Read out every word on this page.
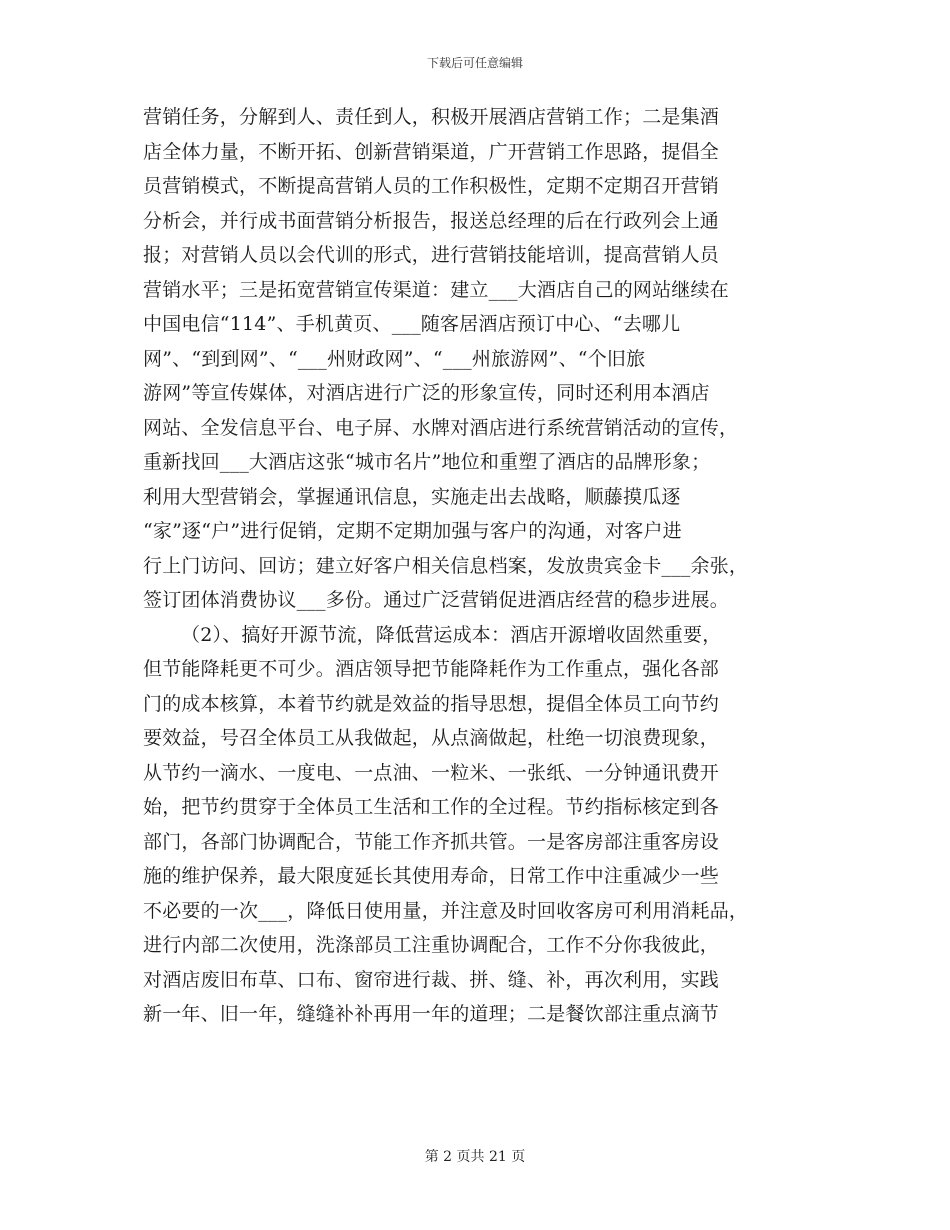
下载后可任意编辑
营销任务，分解到人、责任到人，积极开展酒店营销工作；二是集酒
店全体力量，不断开拓、创新营销渠道，广开营销工作思路，提倡全
员营销模式，不断提高营销人员的工作积极性，定期不定期召开营销
分析会，并行成书面营销分析报告，报送总经理的后在行政列会上通
报；对营销人员以会代训的形式，进行营销技能培训，提高营销人员
营销水平；三是拓宽营销宣传渠道：建立___大酒店自己的网站继续在
中国电信“114”、手机黄页、___随客居酒店预订中心、“去哪儿
网”、“到到网”、“___州财政网”、“___州旅游网”、“个旧旅
游网”等宣传媒体，对酒店进行广泛的形象宣传，同时还利用本酒店
网站、全发信息平台、电子屏、水牌对酒店进行系统营销活动的宣传，
重新找回___大酒店这张“城市名片”地位和重塑了酒店的品牌形象；
利用大型营销会，掌握通讯信息，实施走出去战略，顺藤摸瓜逐
“家”逐“户”进行促销，定期不定期加强与客户的沟通，对客户进
行上门访问、回访；建立好客户相关信息档案，发放贵宾金卡___余张，
签订团体消费协议___多份。通过广泛营销促进酒店经营的稳步进展。
（2）、搞好开源节流，降低营运成本：酒店开源增收固然重要，
但节能降耗更不可少。酒店领导把节能降耗作为工作重点，强化各部
门的成本核算，本着节约就是效益的指导思想，提倡全体员工向节约
要效益，号召全体员工从我做起，从点滴做起，杜绝一切浪费现象，
从节约一滴水、一度电、一点油、一粒米、一张纸、一分钟通讯费开
始，把节约贯穿于全体员工生活和工作的全过程。节约指标核定到各
部门，各部门协调配合，节能工作齐抓共管。一是客房部注重客房设
施的维护保养，最大限度延长其使用寿命，日常工作中注重减少一些
不必要的一次___，降低日使用量，并注意及时回收客房可利用消耗品，
进行内部二次使用，洗涤部员工注重协调配合，工作不分你我彼此，
对酒店废旧布草、口布、窗帘进行裁、拼、缝、补，再次利用，实践
新一年、旧一年，缝缝补补再用一年的道理；二是餐饮部注重点滴节
第 2 页共 21 页
